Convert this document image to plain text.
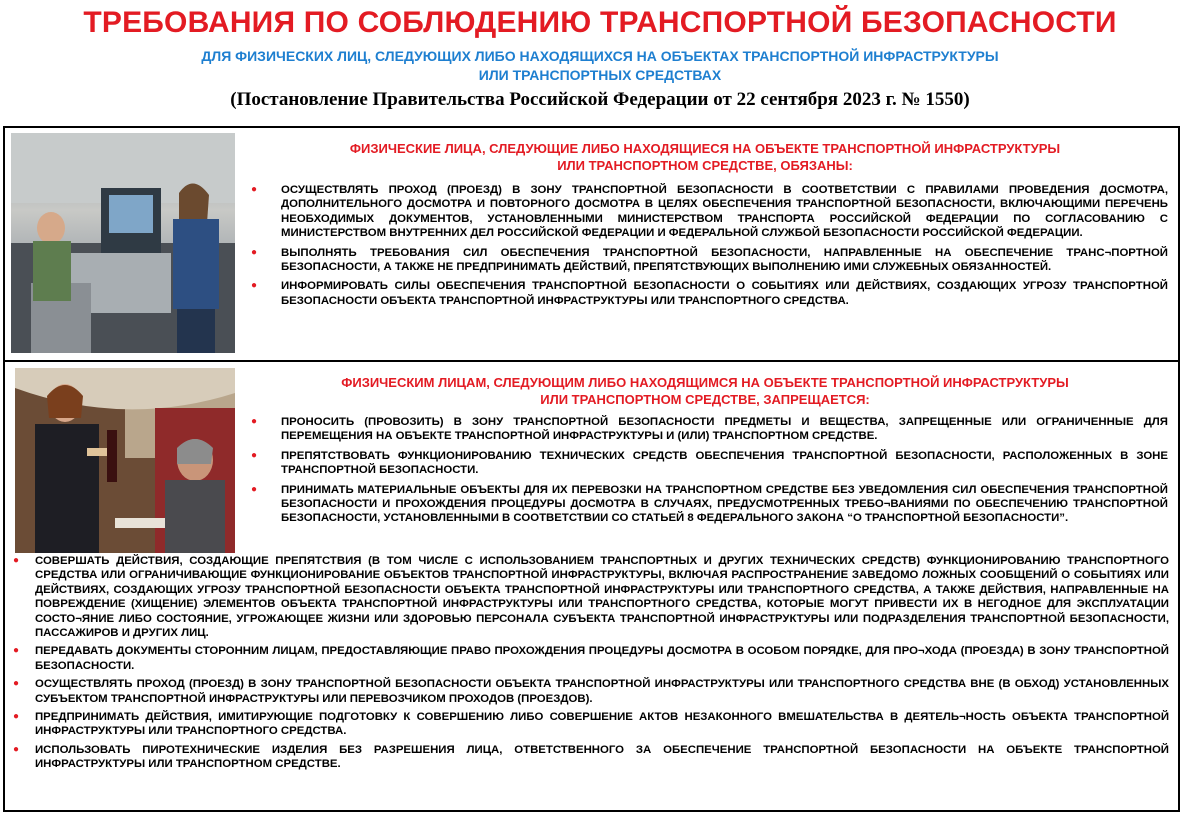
ТРЕБОВАНИЯ ПО СОБЛЮДЕНИЮ ТРАНСПОРТНОЙ БЕЗОПАСНОСТИ
ДЛЯ ФИЗИЧЕСКИХ ЛИЦ, СЛЕДУЮЩИХ ЛИБО НАХОДЯЩИХСЯ НА ОБЪЕКТАХ ТРАНСПОРТНОЙ ИНФРАСТРУКТУРЫ
ИЛИ ТРАНСПОРТНЫХ СРЕДСТВАХ
(Постановление Правительства Российской Федерации от 22 сентября 2023 г. № 1550)
ФИЗИЧЕСКИЕ ЛИЦА, СЛЕДУЮЩИЕ ЛИБО НАХОДЯЩИЕСЯ НА ОБЪЕКТЕ ТРАНСПОРТНОЙ ИНФРАСТРУКТУРЫ
ИЛИ ТРАНСПОРТНОМ СРЕДСТВЕ, ОБЯЗАНЫ:
● ОСУЩЕСТВЛЯТЬ ПРОХОД (ПРОЕЗД) В ЗОНУ ТРАНСПОРТНОЙ БЕЗОПАСНОСТИ В СООТВЕТСТВИИ С ПРАВИЛАМИ ПРОВЕДЕНИЯ ДОСМОТРА, ДОПОЛНИТЕЛЬНОГО ДОСМОТРА И ПОВТОРНОГО ДОСМОТРА В ЦЕЛЯХ ОБЕСПЕЧЕНИЯ ТРАНСПОРТНОЙ БЕЗОПАСНОСТИ, ВКЛЮЧАЮЩИМИ ПЕРЕЧЕНЬ НЕОБХОДИМЫХ ДОКУМЕНТОВ, УСТАНОВЛЕННЫМИ МИНИСТЕРСТВОМ ТРАНСПОРТА РОССИЙСКОЙ ФЕДЕРАЦИИ ПО СОГЛАСОВАНИЮ С МИНИСТЕРСТВОМ ВНУТРЕННИХ ДЕЛ РОССИЙСКОЙ ФЕДЕРАЦИИ И ФЕДЕРАЛЬНОЙ СЛУЖБОЙ БЕЗОПАСНОСТИ РОССИЙСКОЙ ФЕДЕРАЦИИ.
● ВЫПОЛНЯТЬ ТРЕБОВАНИЯ СИЛ ОБЕСПЕЧЕНИЯ ТРАНСПОРТНОЙ БЕЗОПАСНОСТИ, НАПРАВЛЕННЫЕ НА ОБЕСПЕЧЕНИЕ ТРАНС¬ПОРТНОЙ БЕЗОПАСНОСТИ, А ТАКЖЕ НЕ ПРЕДПРИНИМАТЬ ДЕЙСТВИЙ, ПРЕПЯТСТВУЮЩИХ ВЫПОЛНЕНИЮ ИМИ СЛУЖЕБНЫХ ОБЯЗАННОСТЕЙ.
● ИНФОРМИРОВАТЬ СИЛЫ ОБЕСПЕЧЕНИЯ ТРАНСПОРТНОЙ БЕЗОПАСНОСТИ О СОБЫТИЯХ ИЛИ ДЕЙСТВИЯХ, СОЗДАЮЩИХ УГРОЗУ ТРАНСПОРТНОЙ БЕЗОПАСНОСТИ ОБЪЕКТА ТРАНСПОРТНОЙ ИНФРАСТРУКТУРЫ ИЛИ ТРАНСПОРТНОГО СРЕДСТВА.
ФИЗИЧЕСКИМ ЛИЦАМ, СЛЕДУЮЩИМ ЛИБО НАХОДЯЩИМСЯ НА ОБЪЕКТЕ ТРАНСПОРТНОЙ ИНФРАСТРУКТУРЫ
ИЛИ ТРАНСПОРТНОМ СРЕДСТВЕ, ЗАПРЕЩАЕТСЯ:
● ПРОНОСИТЬ (ПРОВОЗИТЬ) В ЗОНУ ТРАНСПОРТНОЙ БЕЗОПАСНОСТИ ПРЕДМЕТЫ И ВЕЩЕСТВА, ЗАПРЕЩЕННЫЕ ИЛИ ОГРАНИЧЕННЫЕ ДЛЯ ПЕРЕМЕЩЕНИЯ НА ОБЪЕКТЕ ТРАНСПОРТНОЙ ИНФРАСТРУКТУРЫ И (ИЛИ) ТРАНСПОРТНОМ СРЕДСТВЕ.
● ПРЕПЯТСТВОВАТЬ ФУНКЦИОНИРОВАНИЮ ТЕХНИЧЕСКИХ СРЕДСТВ ОБЕСПЕЧЕНИЯ ТРАНСПОРТНОЙ БЕЗОПАСНОСТИ, РАСПОЛОЖЕННЫХ В ЗОНЕ ТРАНСПОРТНОЙ БЕЗОПАСНОСТИ.
● ПРИНИМАТЬ МАТЕРИАЛЬНЫЕ ОБЪЕКТЫ ДЛЯ ИХ ПЕРЕВОЗКИ НА ТРАНСПОРТНОМ СРЕДСТВЕ БЕЗ УВЕДОМЛЕНИЯ СИЛ ОБЕСПЕЧЕНИЯ ТРАНСПОРТНОЙ БЕЗОПАСНОСТИ И ПРОХОЖДЕНИЯ ПРОЦЕДУРЫ ДОСМОТРА В СЛУЧАЯХ, ПРЕДУСМОТРЕННЫХ ТРЕБО¬ВАНИЯМИ ПО ОБЕСПЕЧЕНИЮ ТРАНСПОРТНОЙ БЕЗОПАСНОСТИ, УСТАНОВЛЕННЫМИ В СООТВЕТСТВИИ СО СТАТЬЕЙ 8 ФЕДЕРАЛЬНОГО ЗАКОНА “О ТРАНСПОРТНОЙ БЕЗОПАСНОСТИ”.
● СОВЕРШАТЬ ДЕЙСТВИЯ, СОЗДАЮЩИЕ ПРЕПЯТСТВИЯ (В ТОМ ЧИСЛЕ С ИСПОЛЬЗОВАНИЕМ ТРАНСПОРТНЫХ И ДРУГИХ ТЕХНИЧЕСКИХ СРЕДСТВ) ФУНКЦИОНИРОВАНИЮ ТРАНСПОРТНОГО СРЕДСТВА ИЛИ ОГРАНИЧИВАЮЩИЕ ФУНКЦИОНИРОВАНИЕ ОБЪЕКТОВ ТРАНСПОРТНОЙ ИНФРАСТРУКТУРЫ, ВКЛЮЧАЯ РАСПРОСТРАНЕНИЕ ЗАВЕДОМО ЛОЖНЫХ СООБЩЕНИЙ О СОБЫТИЯХ ИЛИ ДЕЙСТВИЯХ, СОЗДАЮЩИХ УГРОЗУ ТРАНСПОРТНОЙ БЕЗОПАСНОСТИ ОБЪЕКТА ТРАНСПОРТНОЙ ИНФРАСТРУКТУРЫ ИЛИ ТРАНСПОРТНОГО СРЕДСТВА, А ТАКЖЕ ДЕЙСТВИЯ, НАПРАВЛЕННЫЕ НА ПОВРЕЖДЕНИЕ (ХИЩЕНИЕ) ЭЛЕМЕНТОВ ОБЪЕКТА ТРАНСПОРТНОЙ ИНФРАСТРУКТУРЫ ИЛИ ТРАНСПОРТНОГО СРЕДСТВА, КОТОРЫЕ МОГУТ ПРИВЕСТИ ИХ В НЕГОДНОЕ ДЛЯ ЭКСПЛУАТАЦИИ СОСТО¬ЯНИЕ ЛИБО СОСТОЯНИЕ, УГРОЖАЮЩЕЕ ЖИЗНИ ИЛИ ЗДОРОВЬЮ ПЕРСОНАЛА СУБЪЕКТА ТРАНСПОРТНОЙ ИНФРАСТРУКТУРЫ ИЛИ ПОДРАЗДЕЛЕНИЯ ТРАНСПОРТНОЙ БЕЗОПАСНОСТИ, ПАССАЖИРОВ И ДРУГИХ ЛИЦ.
● ПЕРЕДАВАТЬ ДОКУМЕНТЫ СТОРОННИМ ЛИЦАМ, ПРЕДОСТАВЛЯЮЩИЕ ПРАВО ПРОХОЖДЕНИЯ ПРОЦЕДУРЫ ДОСМОТРА В ОСОБОМ ПОРЯДКЕ, ДЛЯ ПРО¬ХОДА (ПРОЕЗДА) В ЗОНУ ТРАНСПОРТНОЙ БЕЗОПАСНОСТИ.
● ОСУЩЕСТВЛЯТЬ ПРОХОД (ПРОЕЗД) В ЗОНУ ТРАНСПОРТНОЙ БЕЗОПАСНОСТИ ОБЪЕКТА ТРАНСПОРТНОЙ ИНФРАСТРУКТУРЫ ИЛИ ТРАНСПОРТНОГО СРЕДСТВА ВНЕ (В ОБХОД) УСТАНОВЛЕННЫХ СУБЪЕКТОМ ТРАНСПОРТНОЙ ИНФРАСТРУКТУРЫ ИЛИ ПЕРЕВОЗЧИКОМ ПРОХОДОВ (ПРОЕЗДОВ).
● ПРЕДПРИНИМАТЬ ДЕЙСТВИЯ, ИМИТИРУЮЩИЕ ПОДГОТОВКУ К СОВЕРШЕНИЮ ЛИБО СОВЕРШЕНИЕ АКТОВ НЕЗАКОННОГО ВМЕШАТЕЛЬСТВА В ДЕЯТЕЛЬ¬НОСТЬ ОБЪЕКТА ТРАНСПОРТНОЙ ИНФРАСТРУКТУРЫ ИЛИ ТРАНСПОРТНОГО СРЕДСТВА.
● ИСПОЛЬЗОВАТЬ ПИРОТЕХНИЧЕСКИЕ ИЗДЕЛИЯ БЕЗ РАЗРЕШЕНИЯ ЛИЦА, ОТВЕТСТВЕННОГО ЗА ОБЕСПЕЧЕНИЕ ТРАНСПОРТНОЙ БЕЗОПАСНОСТИ НА ОБЪЕКТЕ ТРАНСПОРТНОЙ ИНФРАСТРУКТУРЫ ИЛИ ТРАНСПОРТНОМ СРЕДСТВЕ.
